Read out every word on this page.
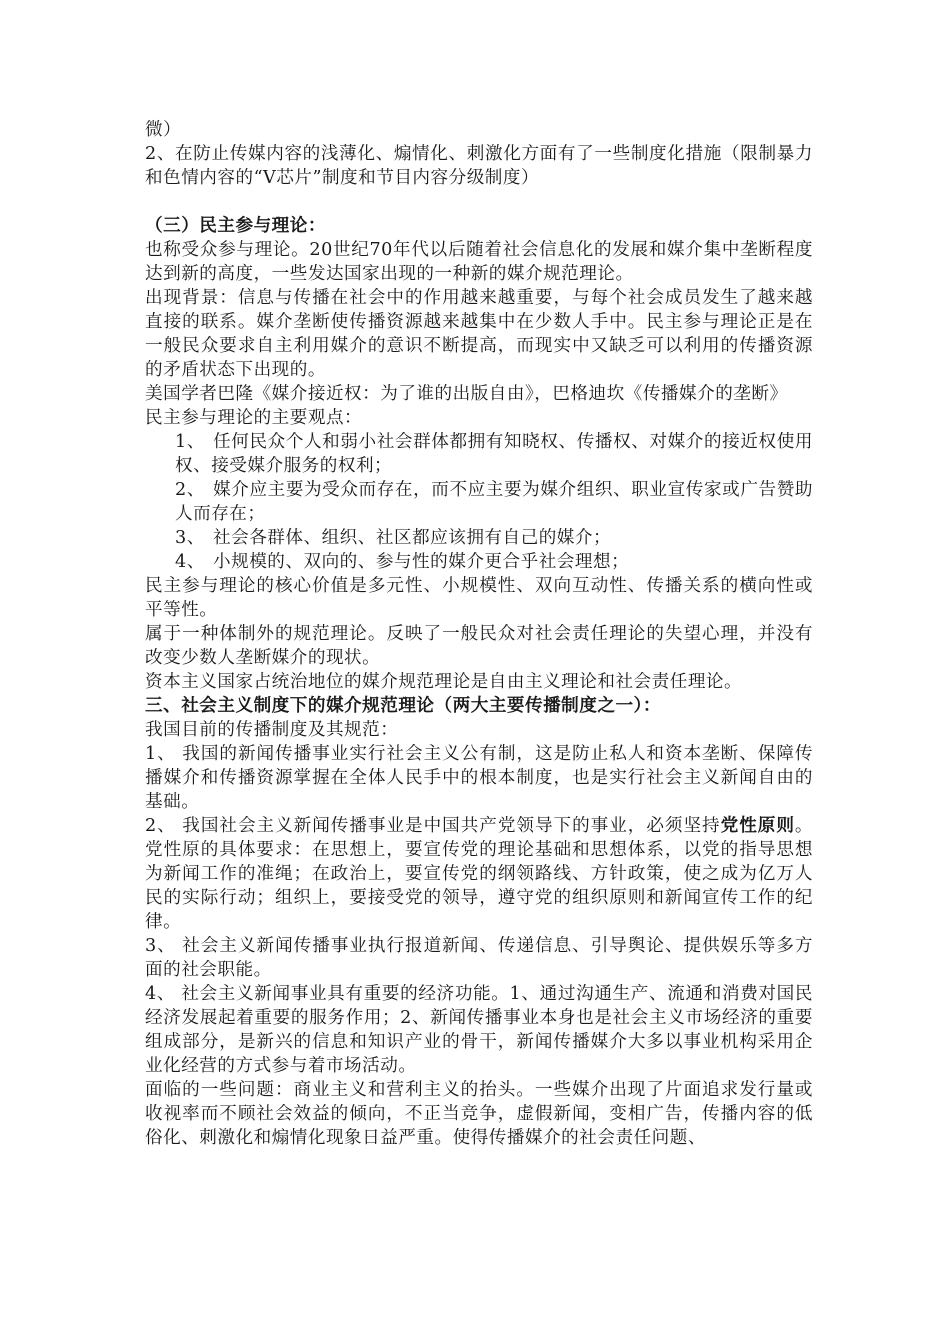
微）

2、在防止传媒内容的浅薄化、煽情化、刺激化方面有了一些制度化措施（限制暴力和色情内容的“V芯片”制度和节目内容分级制度）

（三）民主参与理论：

也称受众参与理论。20世纪70年代以后随着社会信息化的发展和媒介集中垄断程度达到新的高度，一些发达国家出现的一种新的媒介规范理论。

出现背景：信息与传播在社会中的作用越来越重要，与每个社会成员发生了越来越直接的联系。媒介垄断使传播资源越来越集中在少数人手中。民主参与理论正是在一般民众要求自主利用媒介的意识不断提高，而现实中又缺乏可以利用的传播资源的矛盾状态下出现的。

美国学者巴隆《媒介接近权：为了谁的出版自由》，巴格迪坎《传播媒介的垄断》

民主参与理论的主要观点：

1、 任何民众个人和弱小社会群体都拥有知晓权、传播权、对媒介的接近权使用权、接受媒介服务的权利；

2、 媒介应主要为受众而存在，而不应主要为媒介组织、职业宣传家或广告赞助人而存在；

3、 社会各群体、组织、社区都应该拥有自己的媒介；

4、 小规模的、双向的、参与性的媒介更合乎社会理想；

民主参与理论的核心价值是多元性、小规模性、双向互动性、传播关系的横向性或平等性。

属于一种体制外的规范理论。反映了一般民众对社会责任理论的失望心理，并没有改变少数人垄断媒介的现状。

资本主义国家占统治地位的媒介规范理论是自由主义理论和社会责任理论。

三、社会主义制度下的媒介规范理论（两大主要传播制度之一）：

我国目前的传播制度及其规范：

1、 我国的新闻传播事业实行社会主义公有制，这是防止私人和资本垄断、保障传播媒介和传播资源掌握在全体人民手中的根本制度，也是实行社会主义新闻自由的基础。

2、 我国社会主义新闻传播事业是中国共产党领导下的事业，必须坚持党性原则。党性原的具体要求：在思想上，要宣传党的理论基础和思想体系，以党的指导思想为新闻工作的准绳；在政治上，要宣传党的纲领路线、方针政策，使之成为亿万人民的实际行动；组织上，要接受党的领导，遵守党的组织原则和新闻宣传工作的纪律。

3、 社会主义新闻传播事业执行报道新闻、传递信息、引导舆论、提供娱乐等多方面的社会职能。

4、 社会主义新闻事业具有重要的经济功能。1、通过沟通生产、流通和消费对国民经济发展起着重要的服务作用；2、新闻传播事业本身也是社会主义市场经济的重要组成部分，是新兴的信息和知识产业的骨干，新闻传播媒介大多以事业机构采用企业化经营的方式参与着市场活动。

面临的一些问题：商业主义和营利主义的抬头。一些媒介出现了片面追求发行量或收视率而不顾社会效益的倾向，不正当竞争，虚假新闻，变相广告，传播内容的低俗化、刺激化和煽情化现象日益严重。使得传播媒介的社会责任问题、
